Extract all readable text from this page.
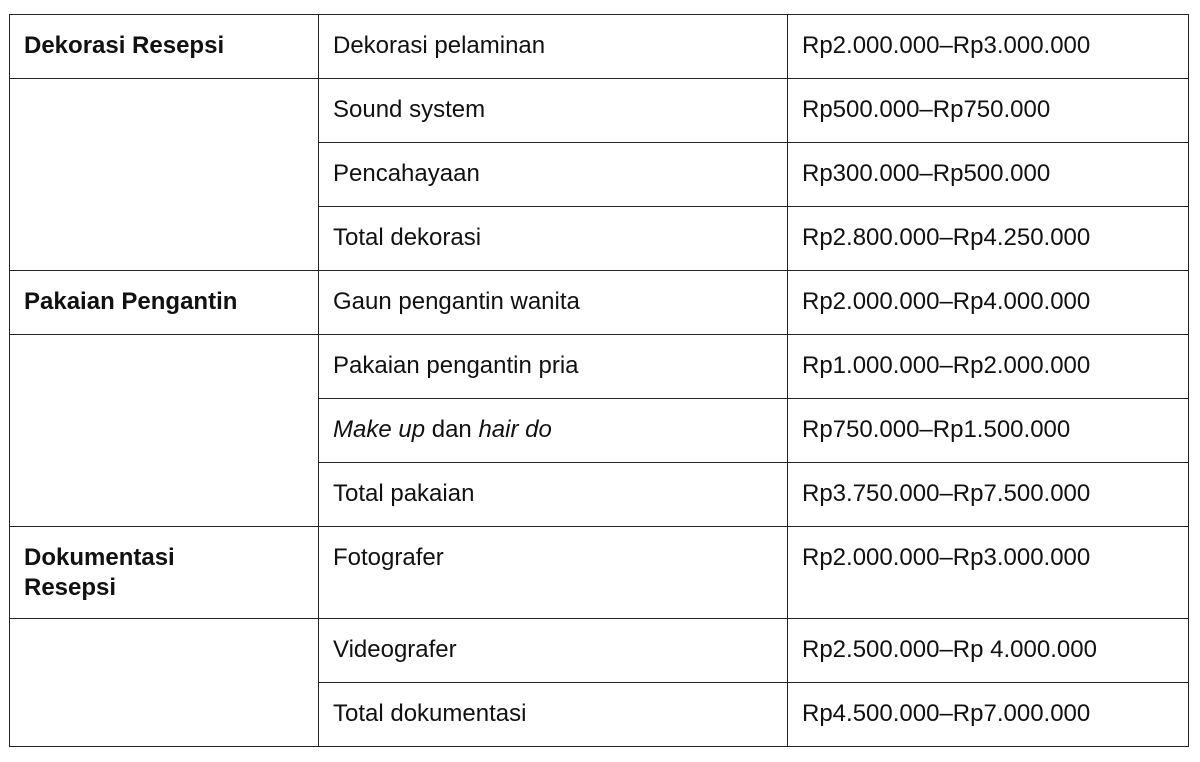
Dekorasi Resepsi	Dekorasi pelaminan	Rp2.000.000–Rp3.000.000
	Sound system	Rp500.000–Rp750.000
	Pencahayaan	Rp300.000–Rp500.000
	Total dekorasi	Rp2.800.000–Rp4.250.000
Pakaian Pengantin	Gaun pengantin wanita	Rp2.000.000–Rp4.000.000
	Pakaian pengantin pria	Rp1.000.000–Rp2.000.000
	Make up dan hair do	Rp750.000–Rp1.500.000
	Total pakaian	Rp3.750.000–Rp7.500.000
Dokumentasi Resepsi	Fotografer	Rp2.000.000–Rp3.000.000
	Videografer	Rp2.500.000–Rp 4.000.000
	Total dokumentasi	Rp4.500.000–Rp7.000.000
